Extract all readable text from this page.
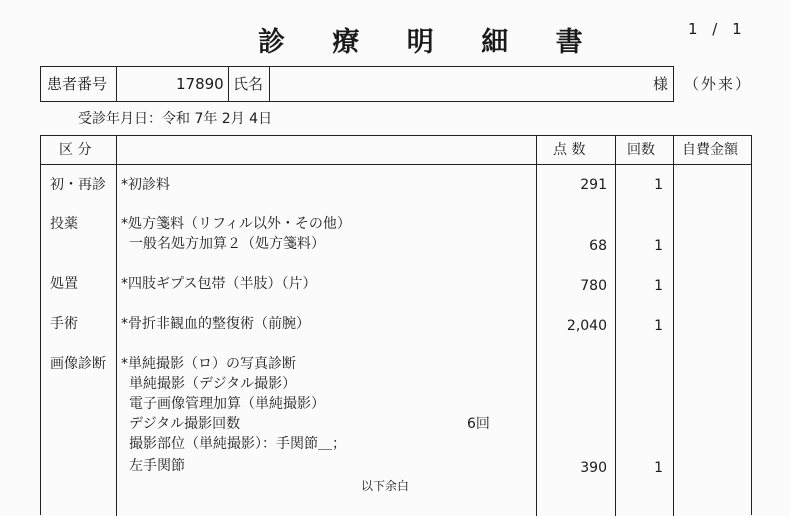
診 療 明 細 書	1 / 1
患者番号	17890 氏名	様 （外来）
受診年月日：令和 7年 2月 4日
区 分	点 数	回数 自費金額
初・再診 *初診料	291	1
投薬	*処方箋料（リフィル以外・その他）
一般名処方加算２（処方箋料）	68	1
処置	*四肢ギプス包帯（半肢）（片）	780	1
手術	*骨折非観血的整復術（前腕）	2,040	1
画像診断 *単純撮影（ロ）の写真診断
単純撮影（デジタル撮影）
電子画像管理加算（単純撮影）
デジタル撮影回数	6回
撮影部位（単純撮影）：手関節＿；
左手関節	390	1
以下余白
